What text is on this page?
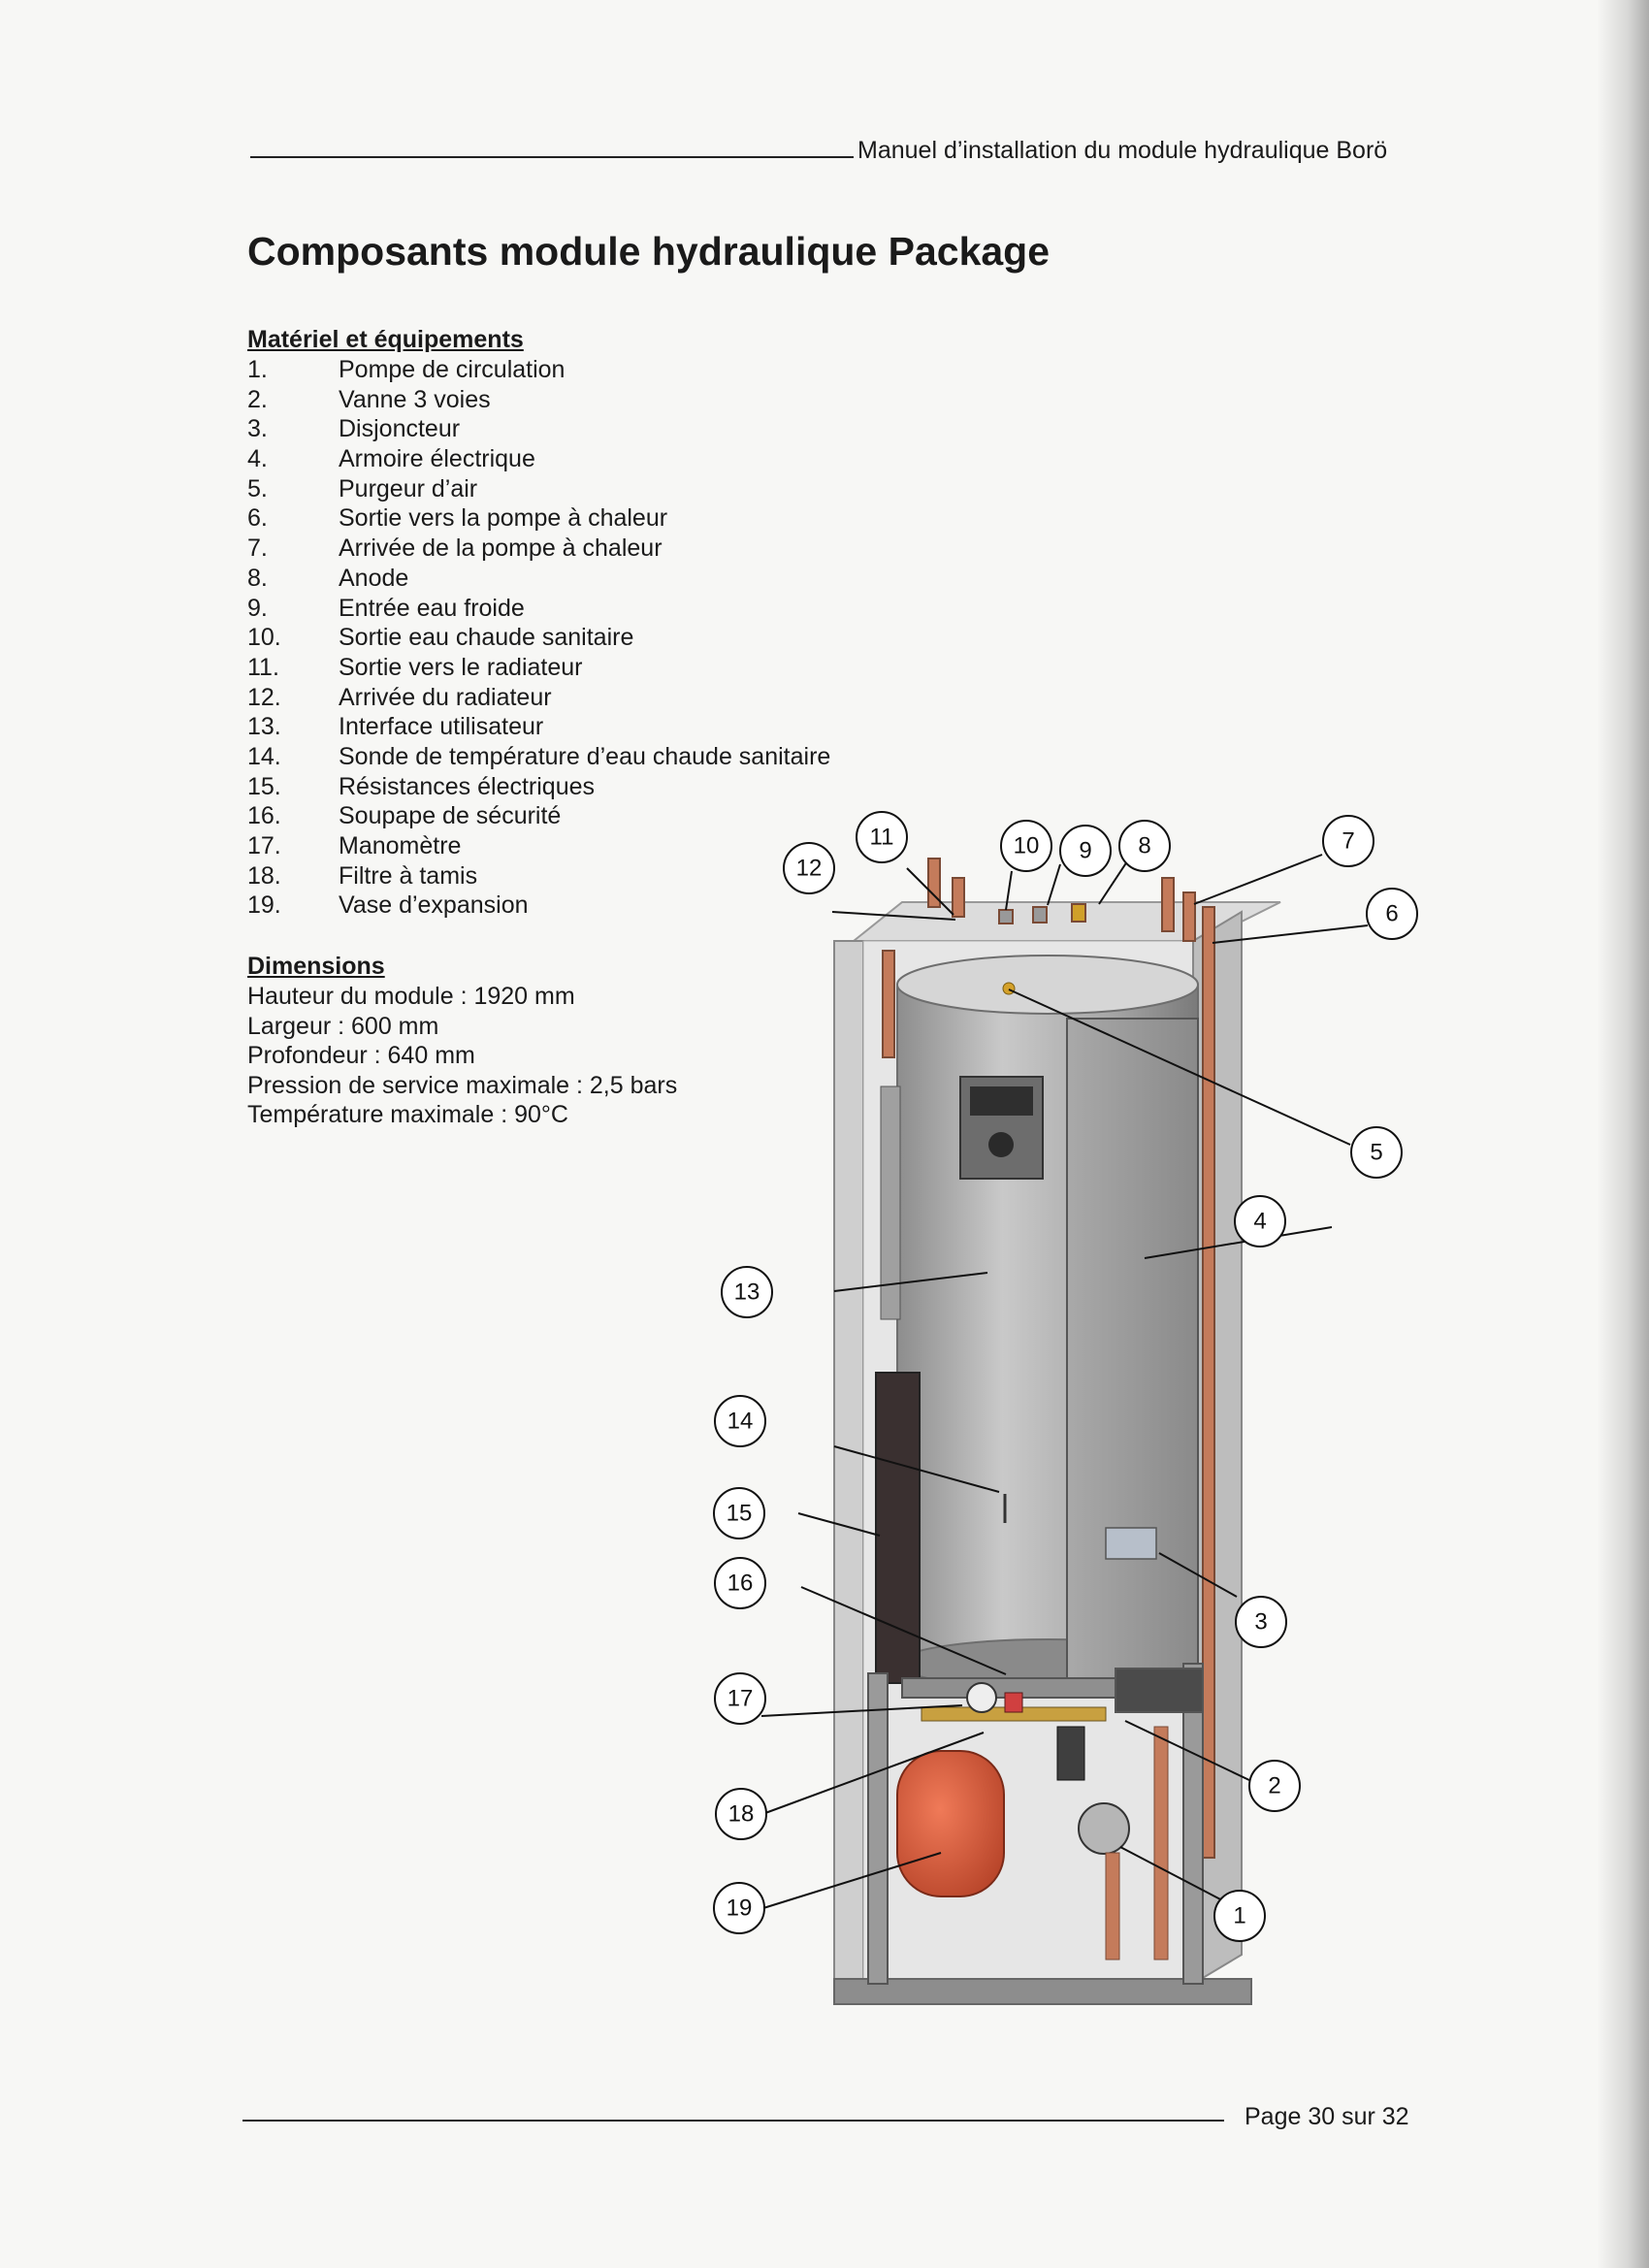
Manuel d’installation du module hydraulique Borö
Composants module hydraulique Package
Matériel et équipements
1.	Pompe de circulation
2.	Vanne 3 voies
3.	Disjoncteur
4.	Armoire électrique
5.	Purgeur d’air
6.	Sortie vers la pompe à chaleur
7.	Arrivée de la pompe à chaleur
8.	Anode
9.	Entrée eau froide
10. Sortie eau chaude sanitaire
11. Sortie vers le radiateur
12. Arrivée du radiateur
13. Interface utilisateur
14. Sonde de température d’eau chaude sanitaire
15. Résistances électriques
16. Soupape de sécurité
17. Manomètre
18. Filtre à tamis
19. Vase d’expansion
Dimensions
Hauteur du module : 1920 mm
Largeur : 600 mm
Profondeur : 640 mm
Pression de service maximale : 2,5 bars
Température maximale : 90°C
1
2
3
4
5
6
7
8
9
10
11
12
13
14
15
16
17
18
19
Page 30 sur 32
